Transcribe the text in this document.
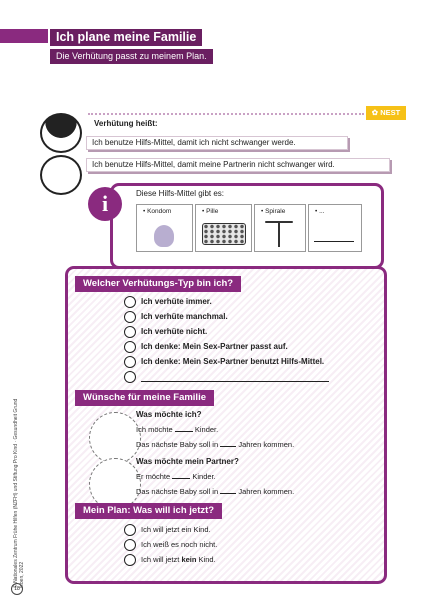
Ich plane meine Familie
Die Verhütung passt zu meinem Plan.
✿ NEST
Verhütung heißt:
Ich benutze Hilfs-Mittel, damit ich nicht schwanger werde.
Ich benutze Hilfs-Mittel, damit meine Partnerin nicht schwanger wird.
i	Diese Hilfs-Mittel gibt es:
• Kondom	• Pille	• Spirale	• ...
Welcher Verhütungs-Typ bin ich?
Ich verhüte immer.
Ich verhüte manchmal.
Ich verhüte nicht.
Ich denke: Mein Sex-Partner passt auf.
Ich denke: Mein Sex-Partner benutzt Hilfs-Mittel.
Wünsche für meine Familie
Was möchte ich?
Ich möchte	Kinder.
Das nächste Baby soll in	Jahren kommen.
Was möchte mein Partner?
Er möchte	Kinder.
Das nächste Baby soll in	Jahren kommen.
Mein Plan: Was will ich jetzt?
Ich will jetzt ein Kind.
Ich weiß es noch nicht.
Ich will jetzt kein Kind.
© Nationales Zentrum Frühe Hilfen (NZFH) und Stiftung Pro Kind · Gesundheit Grund leben, 2022
18
